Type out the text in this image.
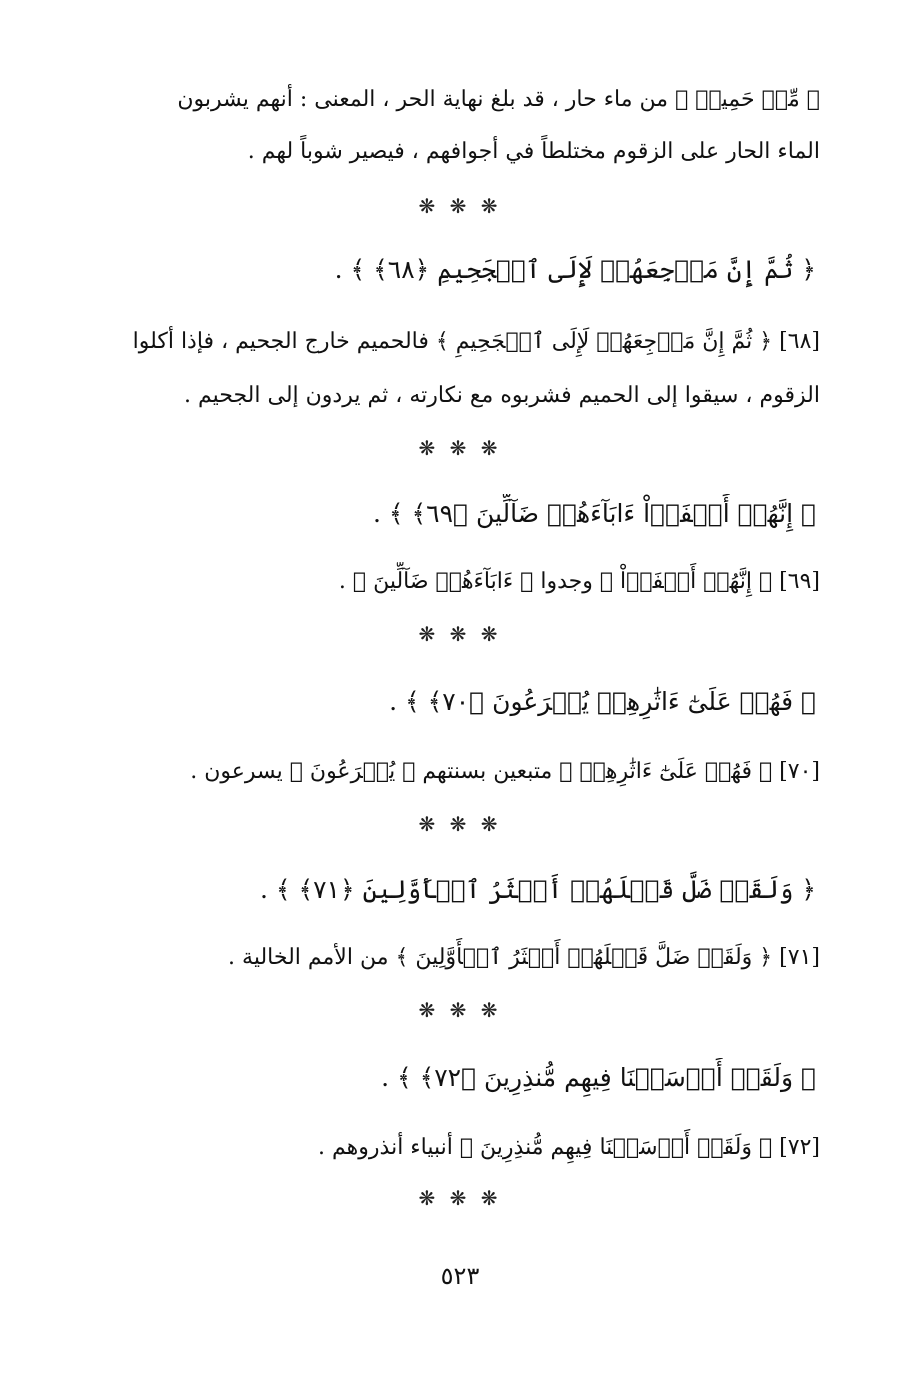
﴿ مِّنۡ حَمِيمٖ ﴾ من ماء حار ، قد بلغ نهاية الحر ، المعنى : أنهم يشربون
الماء الحار على الزقوم مختلطاً في أجوافهم ، فيصير شوباً لهم .
❋ ❋ ❋
﴿ ثُمَّ إِنَّ مَرۡجِعَهُمۡ لَإِلَى ٱلۡجَحِيمِ ﴿٦٨﴾ ﴾ .
[٦٨] ﴿ ثُمَّ إِنَّ مَرۡجِعَهُمۡ لَإِلَى ٱلۡجَحِيمِ ﴾ فالحميم خارج الجحيم ، فإذا أكلوا
الزقوم ، سيقوا إلى الحميم فشربوه مع نكارته ، ثم يردون إلى الجحيم .
❋ ❋ ❋
﴿ إِنَّهُمۡ أَلۡفَوۡاْ ءَابَآءَهُمۡ ضَآلِّينَ ﴿٦٩﴾ ﴾ .
[٦٩] ﴿ إِنَّهُمۡ أَلۡفَوۡاْ ﴾ وجدوا ﴿ ءَابَآءَهُمۡ ضَآلِّينَ ﴾ .
❋ ❋ ❋
﴿ فَهُمۡ عَلَىٰٓ ءَاثَٰرِهِمۡ يُهۡرَعُونَ ﴿٧٠﴾ ﴾ .
[٧٠] ﴿ فَهُمۡ عَلَىٰٓ ءَاثَٰرِهِمۡ ﴾ متبعين بسنتهم ﴿ يُهۡرَعُونَ ﴾ يسرعون .
❋ ❋ ❋
﴿ وَلَقَدۡ ضَلَّ قَبۡلَهُمۡ أَكۡثَرُ ٱلۡأَوَّلِينَ ﴿٧١﴾ ﴾ .
[٧١] ﴿ وَلَقَدۡ ضَلَّ قَبۡلَهُمۡ أَكۡثَرُ ٱلۡأَوَّلِينَ ﴾ من الأمم الخالية .
❋ ❋ ❋
﴿ وَلَقَدۡ أَرۡسَلۡنَا فِيهِم مُّنذِرِينَ ﴿٧٢﴾ ﴾ .
[٧٢] ﴿ وَلَقَدۡ أَرۡسَلۡنَا فِيهِم مُّنذِرِينَ ﴾ أنبياء أنذروهم .
❋ ❋ ❋
٥٢٣
